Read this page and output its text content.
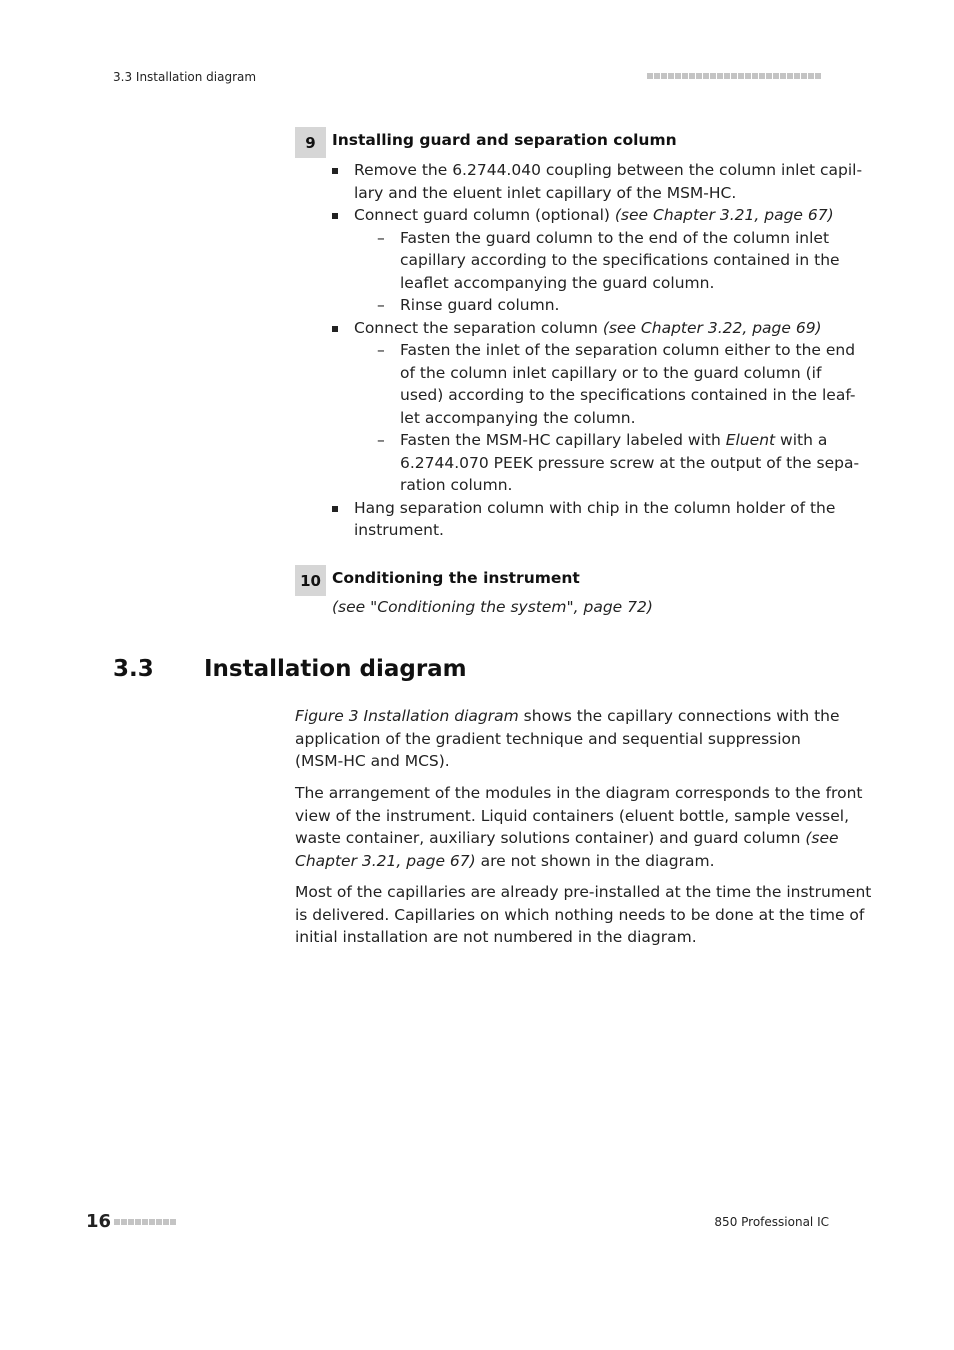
3.3 Installation diagram
9	Installing guard and separation column
Remove the 6.2744.040 coupling between the column inlet capil-
lary and the eluent inlet capillary of the MSM-HC.
Connect guard column (optional) (see Chapter 3.21, page 67)
– Fasten the guard column to the end of the column inlet
capillary according to the specifications contained in the
leaflet accompanying the guard column.
– Rinse guard column.
Connect the separation column (see Chapter 3.22, page 69)
– Fasten the inlet of the separation column either to the end
of the column inlet capillary or to the guard column (if
used) according to the specifications contained in the leaf-
let accompanying the column.
– Fasten the MSM-HC capillary labeled with Eluent with a
6.2744.070 PEEK pressure screw at the output of the sepa-
ration column.
Hang separation column with chip in the column holder of the
instrument.
10 Conditioning the instrument
(see "Conditioning the system", page 72)
3.3 Installation diagram
Figure 3 Installation diagram shows the capillary connections with the
application of the gradient technique and sequential suppression
(MSM-HC and MCS).
The arrangement of the modules in the diagram corresponds to the front
view of the instrument. Liquid containers (eluent bottle, sample vessel,
waste container, auxiliary solutions container) and guard column (see
Chapter 3.21, page 67) are not shown in the diagram.
Most of the capillaries are already pre-installed at the time the instrument
is delivered. Capillaries on which nothing needs to be done at the time of
initial installation are not numbered in the diagram.
16	850 Professional IC
